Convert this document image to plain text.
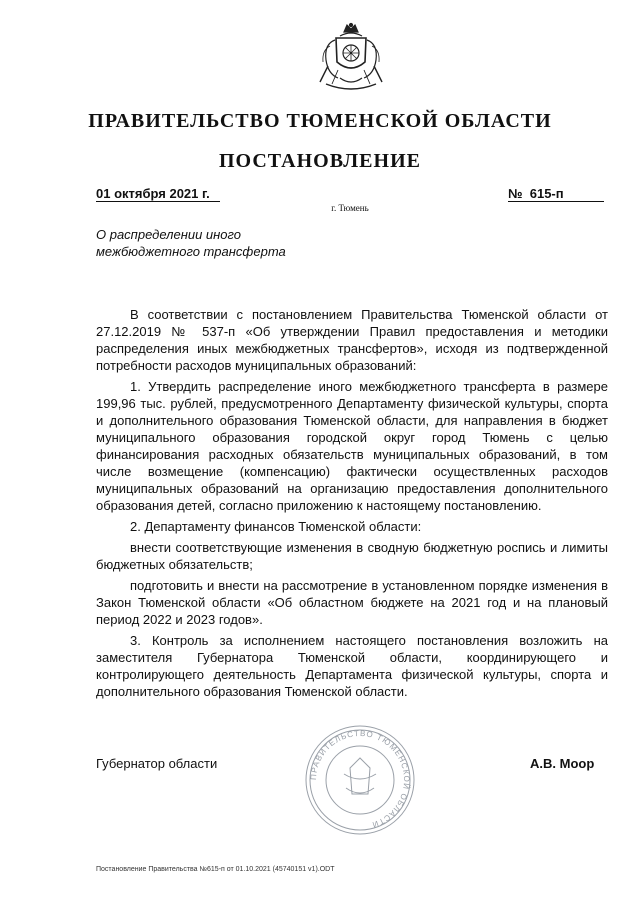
ПРАВИТЕЛЬСТВО ТЮМЕНСКОЙ ОБЛАСТИ
ПОСТАНОВЛЕНИЕ
01 октября 2021 г.	№ 615-п
г. Тюмень
О распределении иного
межбюджетного трансферта

В соответствии с постановлением Правительства Тюменской области от 27.12.2019 № 537-п «Об утверждении Правил предоставления и методики распределения иных межбюджетных трансфертов», исходя из подтвержденной потребности расходов муниципальных образований:

1. Утвердить распределение иного межбюджетного трансферта в размере 199,96 тыс. рублей, предусмотренного Департаменту физической культуры, спорта и дополнительного образования Тюменской области, для направления в бюджет муниципального образования городской округ город Тюмень с целью финансирования расходных обязательств муниципальных образований, в том числе возмещение (компенсацию) фактически осуществленных расходов муниципальных образований на организацию предоставления дополнительного образования детей, согласно приложению к настоящему постановлению.

2. Департаменту финансов Тюменской области:

внести соответствующие изменения в сводную бюджетную роспись и лимиты бюджетных обязательств;

подготовить и внести на рассмотрение в установленном порядке изменения в Закон Тюменской области «Об областном бюджете на 2021 год и на плановый период 2022 и 2023 годов».

3. Контроль за исполнением настоящего постановления возложить на заместителя Губернатора Тюменской области, координирующего и контролирующего деятельность Департамента физической культуры, спорта и дополнительного образования Тюменской области.

ПРАВИТЕЛЬСТВО ТЮМЕНСКОЙ ОБЛАСТИ
Губернатор области	А.В. Моор
Постановление Правительства №615-п от 01.10.2021 (45740151 v1).ODT
